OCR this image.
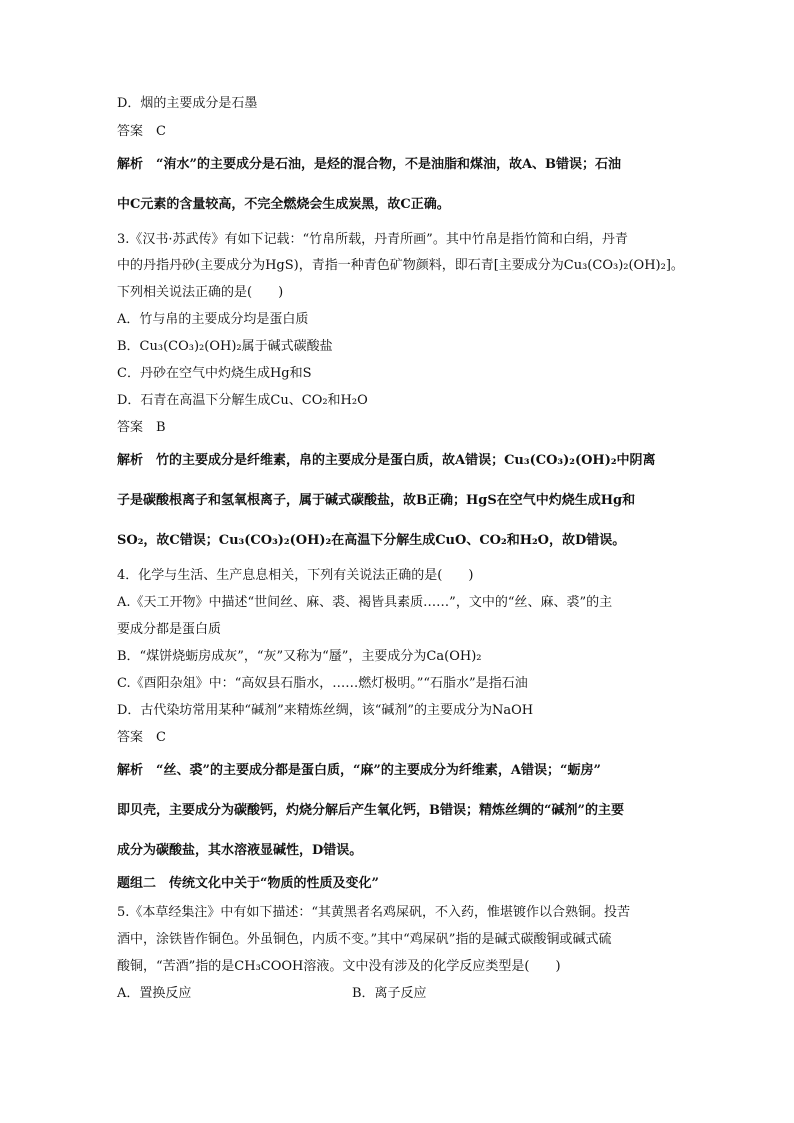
D．烟的主要成分是石墨
答案　C
解析　“洧水”的主要成分是石油，是烃的混合物，不是油脂和煤油，故A、B错误；石油
中C元素的含量较高，不完全燃烧会生成炭黑，故C正确。
3.《汉书·苏武传》有如下记载：“竹帛所载，丹青所画”。其中竹帛是指竹简和白绢，丹青
中的丹指丹砂(主要成分为HgS)，青指一种青色矿物颜料，即石青[主要成分为Cu₃(CO₃)₂(OH)₂]。
下列相关说法正确的是(　　)
A．竹与帛的主要成分均是蛋白质
B．Cu₃(CO₃)₂(OH)₂属于碱式碳酸盐
C．丹砂在空气中灼烧生成Hg和S
D．石青在高温下分解生成Cu、CO₂和H₂O
答案　B
解析　竹的主要成分是纤维素，帛的主要成分是蛋白质，故A错误；Cu₃(CO₃)₂(OH)₂中阴离
子是碳酸根离子和氢氧根离子，属于碱式碳酸盐，故B正确；HgS在空气中灼烧生成Hg和
SO₂，故C错误；Cu₃(CO₃)₂(OH)₂在高温下分解生成CuO、CO₂和H₂O，故D错误。
4．化学与生活、生产息息相关，下列有关说法正确的是(　　)
A.《天工开物》中描述“世间丝、麻、裘、褐皆具素质……”，文中的“丝、麻、裘”的主
要成分都是蛋白质
B．“煤饼烧蛎房成灰”，“灰”又称为“蜃”，主要成分为Ca(OH)₂
C.《酉阳杂俎》中：“高奴县石脂水，……燃灯极明。”“石脂水”是指石油
D．古代染坊常用某种“碱剂”来精炼丝绸，该“碱剂”的主要成分为NaOH
答案　C
解析　“丝、裘”的主要成分都是蛋白质，“麻”的主要成分为纤维素，A错误；“蛎房”
即贝壳，主要成分为碳酸钙，灼烧分解后产生氧化钙，B错误；精炼丝绸的“碱剂”的主要
成分为碳酸盐，其水溶液显碱性，D错误。
题组二　传统文化中关于“物质的性质及变化”
5.《本草经集注》中有如下描述：“其黄黑者名鸡屎矾，不入药，惟堪镀作以合熟铜。投苦
酒中，涂铁皆作铜色。外虽铜色，内质不变。”其中“鸡屎矾”指的是碱式碳酸铜或碱式硫
酸铜，“苦酒”指的是CH₃COOH溶液。文中没有涉及的化学反应类型是(　　)
A．置换反应	B．离子反应
